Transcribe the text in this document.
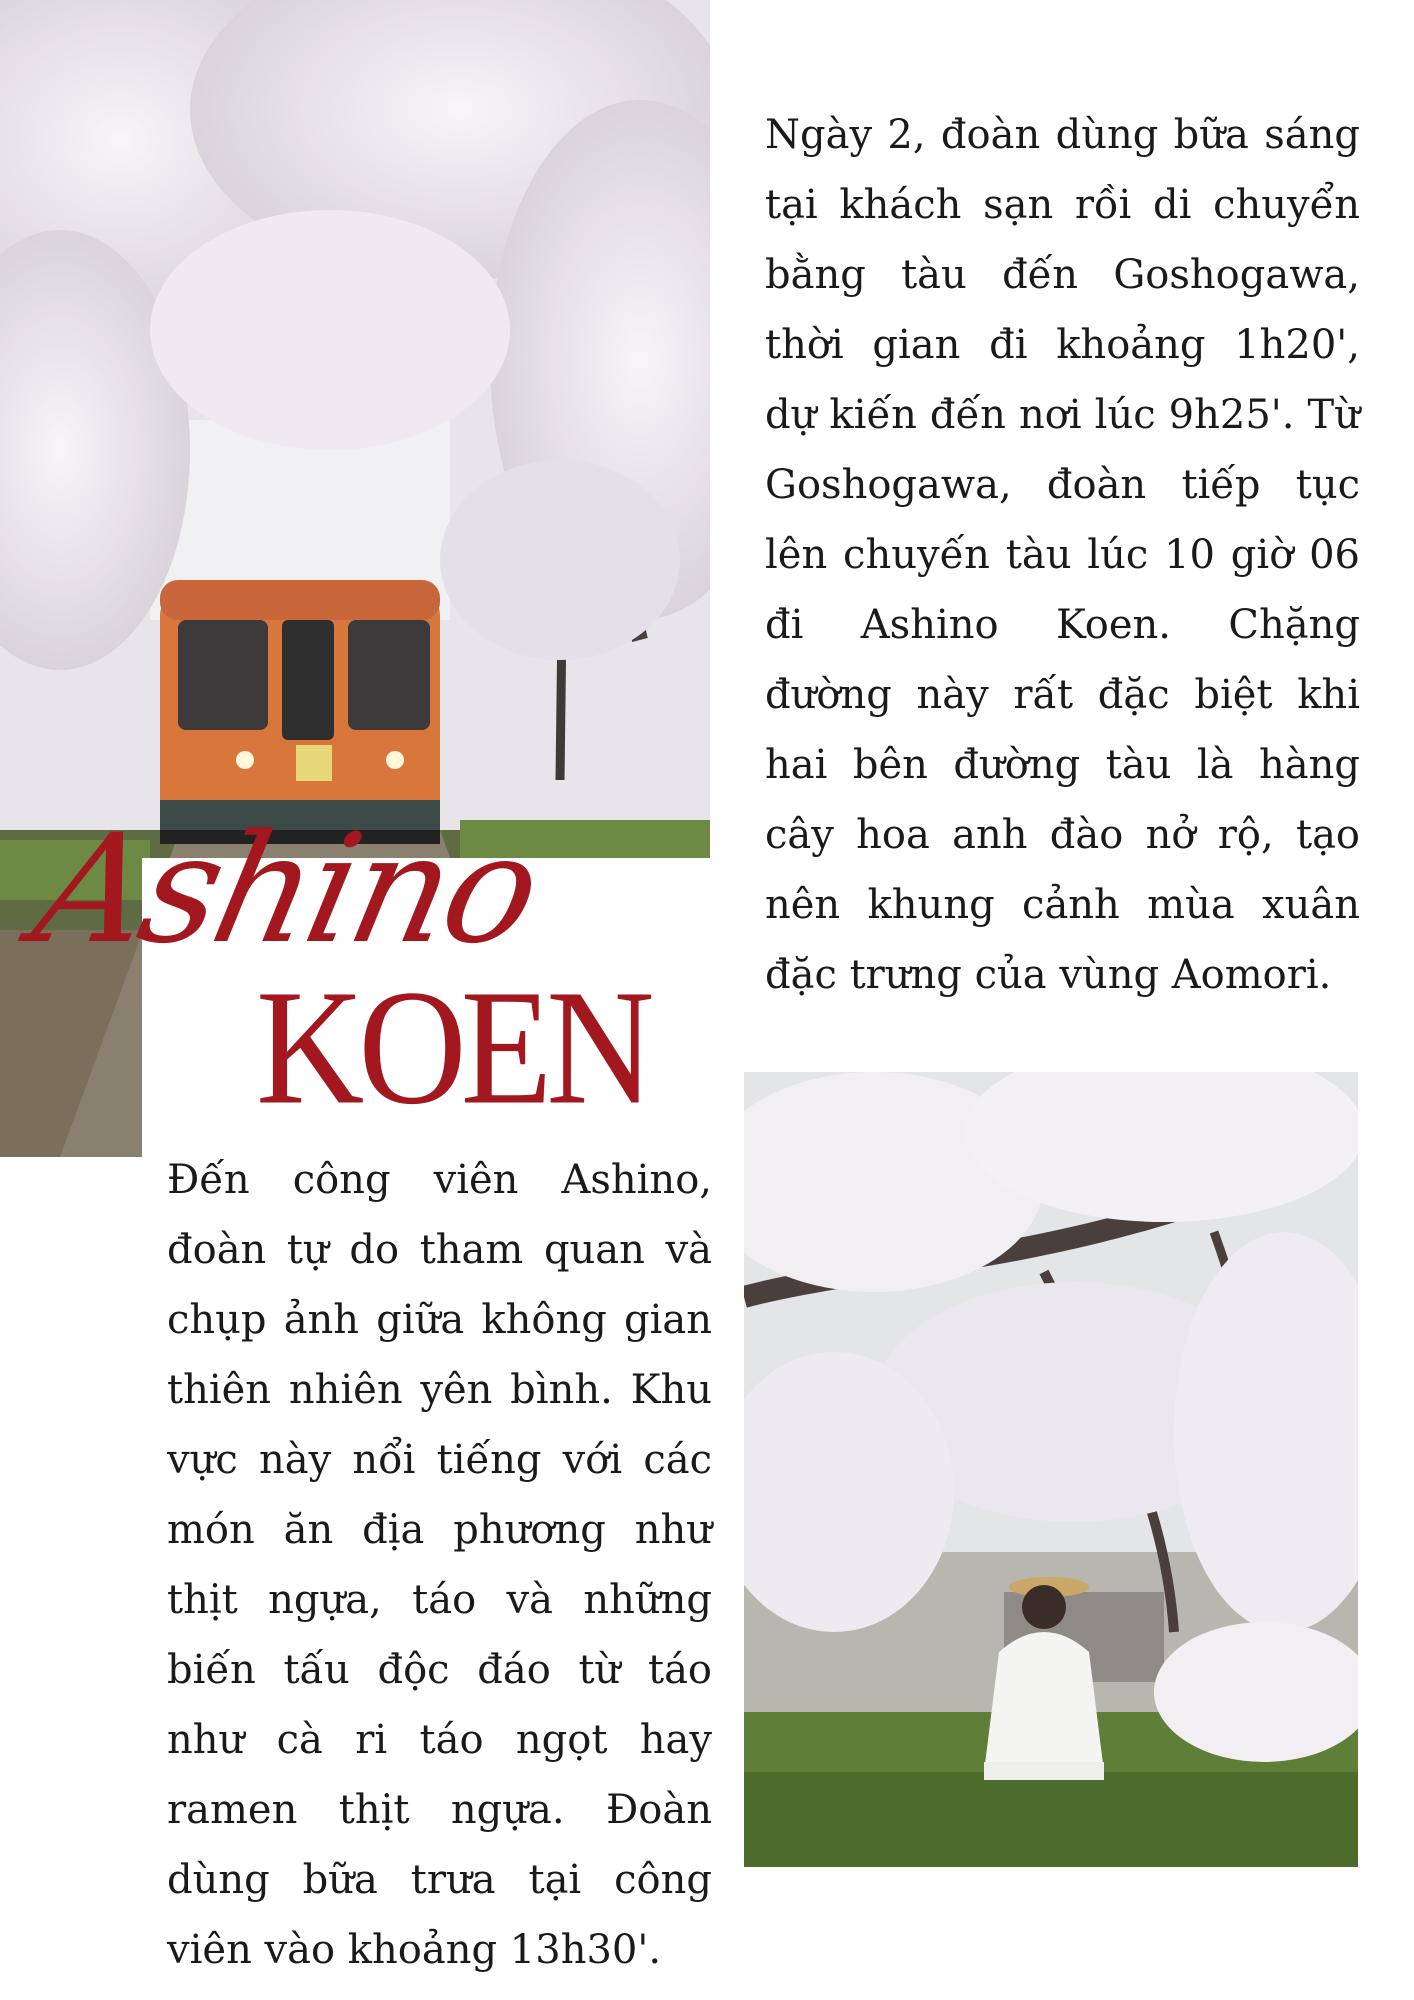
Ashino
KOEN
Ngày 2, đoàn dùng bữa sáng tại khách sạn rồi di chuyển bằng tàu đến Goshogawa, thời gian đi khoảng 1h20', dự kiến đến nơi lúc 9h25'. Từ Goshogawa, đoàn tiếp tục lên chuyến tàu lúc 10 giờ 06 đi Ashino Koen. Chặng đường này rất đặc biệt khi hai bên đường tàu là hàng cây hoa anh đào nở rộ, tạo nên khung cảnh mùa xuân đặc trưng của vùng Aomori.
Đến công viên Ashino, đoàn tự do tham quan và chụp ảnh giữa không gian thiên nhiên yên bình. Khu vực này nổi tiếng với các món ăn địa phương như thịt ngựa, táo và những biến tấu độc đáo từ táo như cà ri táo ngọt hay ramen thịt ngựa. Đoàn dùng bữa trưa tại công viên vào khoảng 13h30'.
